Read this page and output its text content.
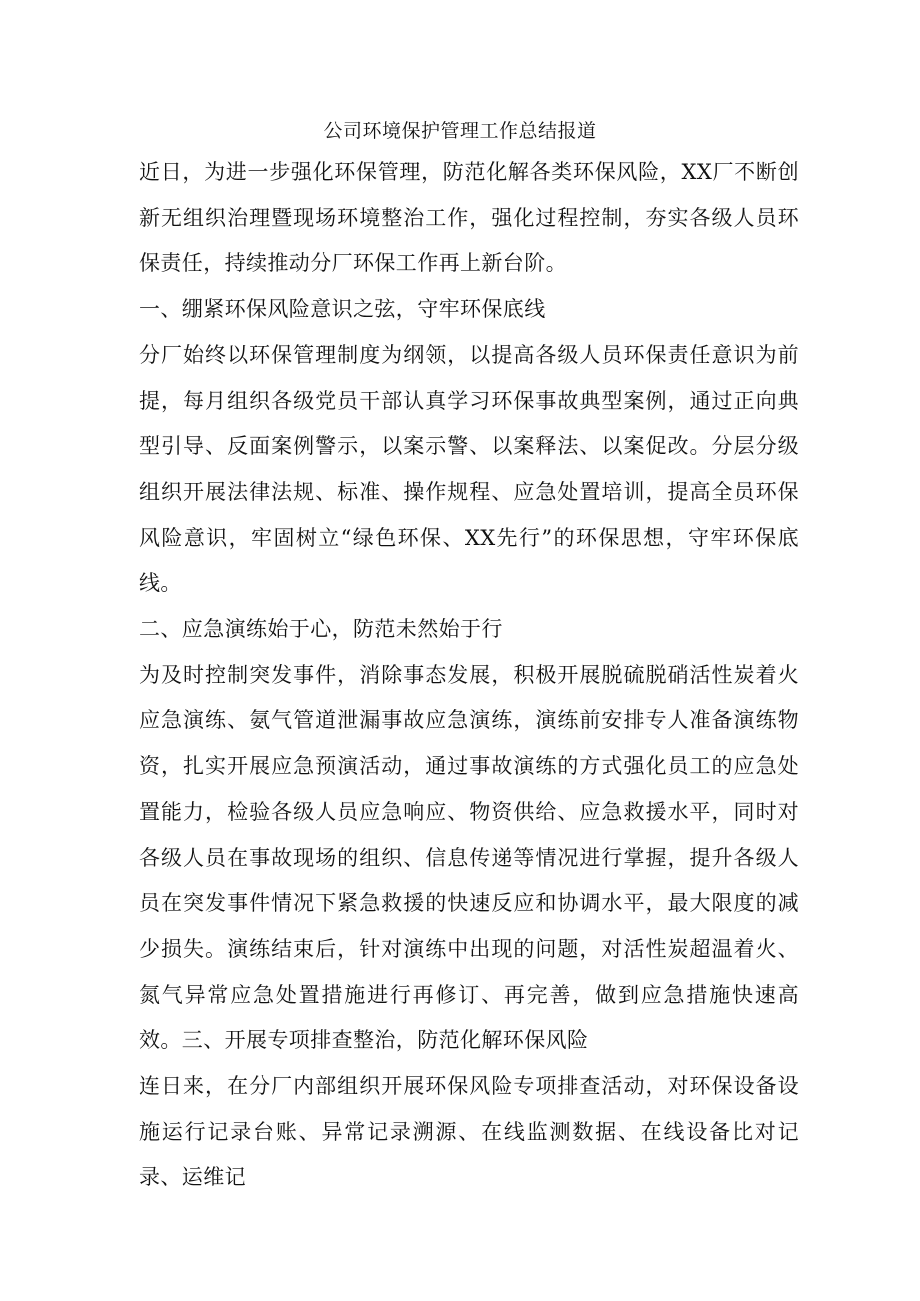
公司环境保护管理工作总结报道

近日，为进一步强化环保管理，防范化解各类环保风险，XX厂不断创新无组织治理暨现场环境整治工作，强化过程控制，夯实各级人员环保责任，持续推动分厂环保工作再上新台阶。

一、绷紧环保风险意识之弦，守牢环保底线

分厂始终以环保管理制度为纲领，以提高各级人员环保责任意识为前提，每月组织各级党员干部认真学习环保事故典型案例，通过正向典型引导、反面案例警示，以案示警、以案释法、以案促改。分层分级组织开展法律法规、标准、操作规程、应急处置培训，提高全员环保风险意识，牢固树立“绿色环保、XX先行”的环保思想，守牢环保底线。

二、应急演练始于心，防范未然始于行

为及时控制突发事件，消除事态发展，积极开展脱硫脱硝活性炭着火应急演练、氨气管道泄漏事故应急演练，演练前安排专人准备演练物资，扎实开展应急预演活动，通过事故演练的方式强化员工的应急处置能力，检验各级人员应急响应、物资供给、应急救援水平，同时对各级人员在事故现场的组织、信息传递等情况进行掌握，提升各级人员在突发事件情况下紧急救援的快速反应和协调水平，最大限度的减少损失。演练结束后，针对演练中出现的问题，对活性炭超温着火、氮气异常应急处置措施进行再修订、再完善，做到应急措施快速高效。三、开展专项排查整治，防范化解环保风险

连日来，在分厂内部组织开展环保风险专项排查活动，对环保设备设施运行记录台账、异常记录溯源、在线监测数据、在线设备比对记录、运维记
